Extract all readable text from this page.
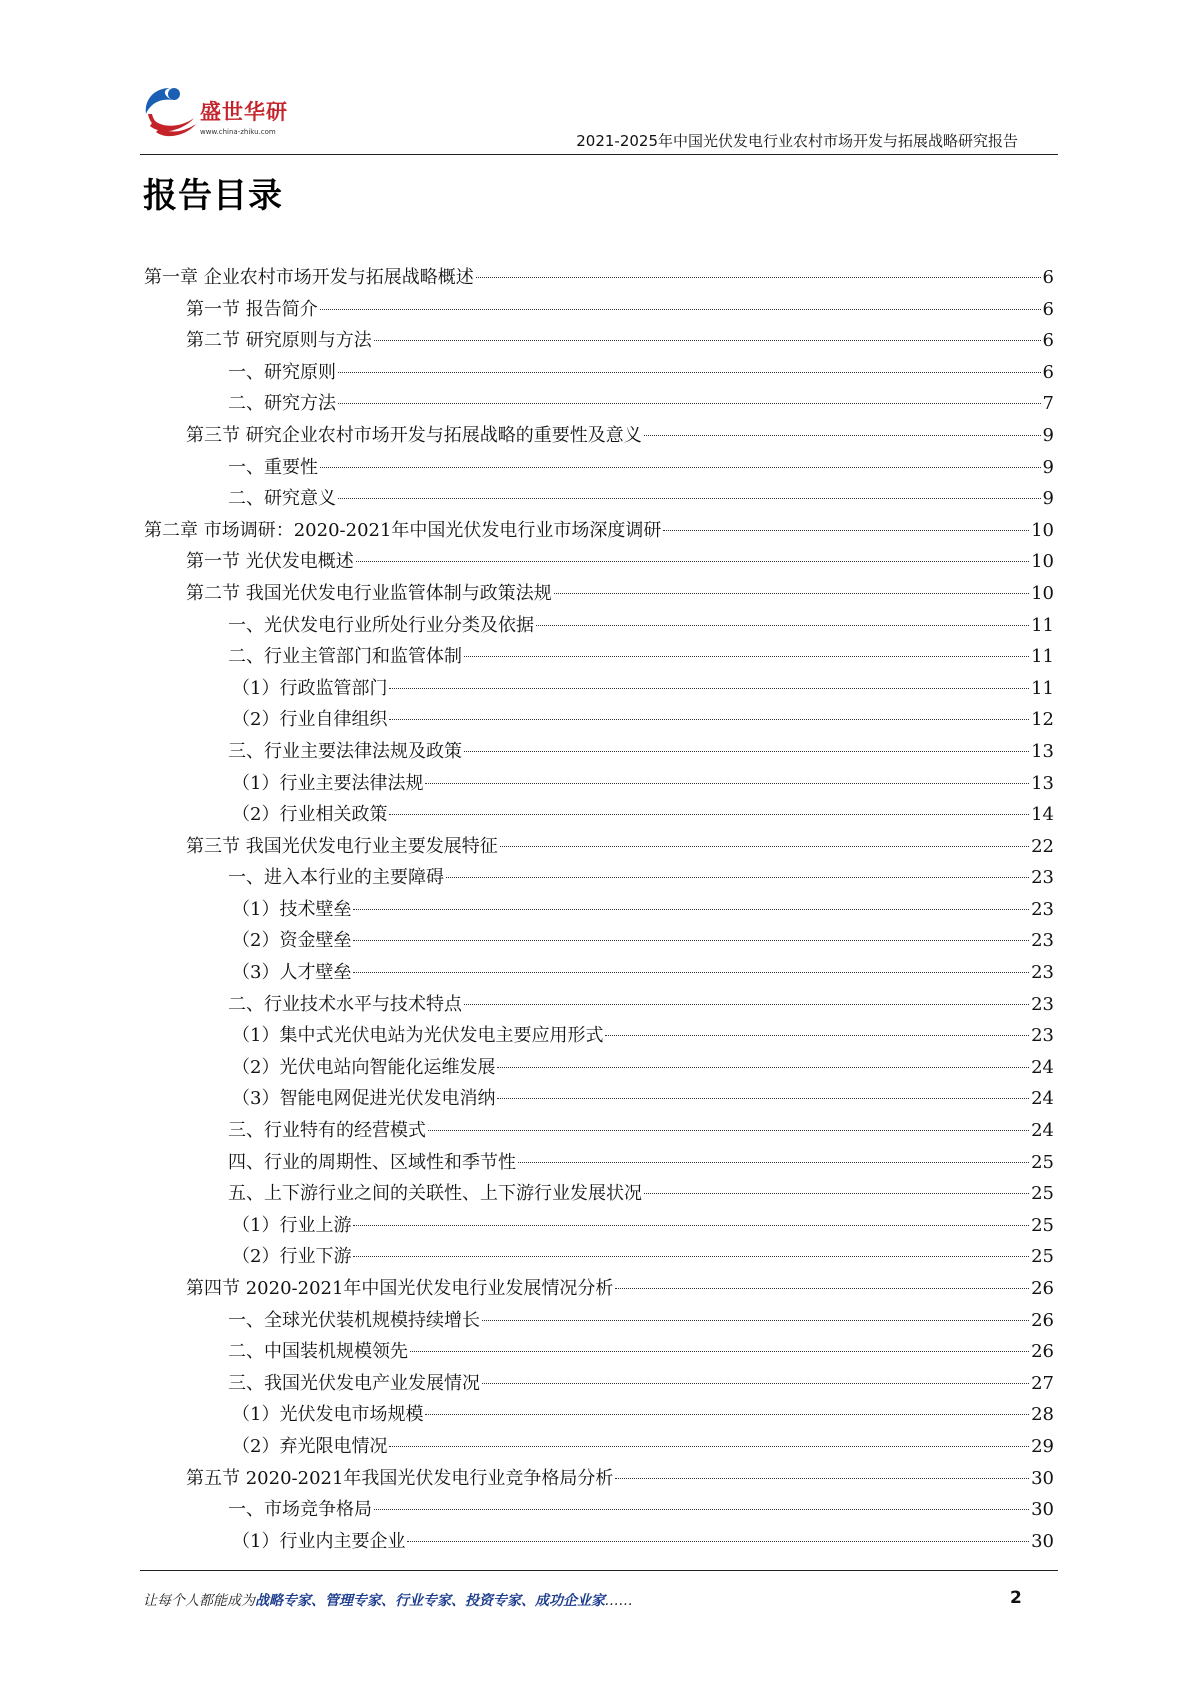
盛世华研
www.china-zhiku.com	2021-2025年中国光伏发电行业农村市场开发与拓展战略研究报告
报告目录
第一章 企业农村市场开发与拓展战略概述	6
第一节 报告简介	6
第二节 研究原则与方法	6
一、研究原则	6
二、研究方法	7
第三节 研究企业农村市场开发与拓展战略的重要性及意义	9
一、重要性	9
二、研究意义	9
第二章 市场调研：2020-2021年中国光伏发电行业市场深度调研	10
第一节 光伏发电概述	10
第二节 我国光伏发电行业监管体制与政策法规	10
一、光伏发电行业所处行业分类及依据	11
二、行业主管部门和监管体制	11
（1）行政监管部门	11
（2）行业自律组织	12
三、行业主要法律法规及政策	13
（1）行业主要法律法规	13
（2）行业相关政策	14
第三节 我国光伏发电行业主要发展特征	22
一、进入本行业的主要障碍	23
（1）技术壁垒	23
（2）资金壁垒	23
（3）人才壁垒	23
二、行业技术水平与技术特点	23
（1）集中式光伏电站为光伏发电主要应用形式	23
（2）光伏电站向智能化运维发展	24
（3）智能电网促进光伏发电消纳	24
三、行业特有的经营模式	24
四、行业的周期性、区域性和季节性	25
五、上下游行业之间的关联性、上下游行业发展状况	25
（1）行业上游	25
（2）行业下游	25
第四节 2020-2021年中国光伏发电行业发展情况分析	26
一、全球光伏装机规模持续增长	26
二、中国装机规模领先	26
三、我国光伏发电产业发展情况	27
（1）光伏发电市场规模	28
（2）弃光限电情况	29
第五节 2020-2021年我国光伏发电行业竞争格局分析	30
一、市场竞争格局	30
（1）行业内主要企业	30
让每个人都能成为战略专家、管理专家、行业专家、投资专家、成功企业家……	2
